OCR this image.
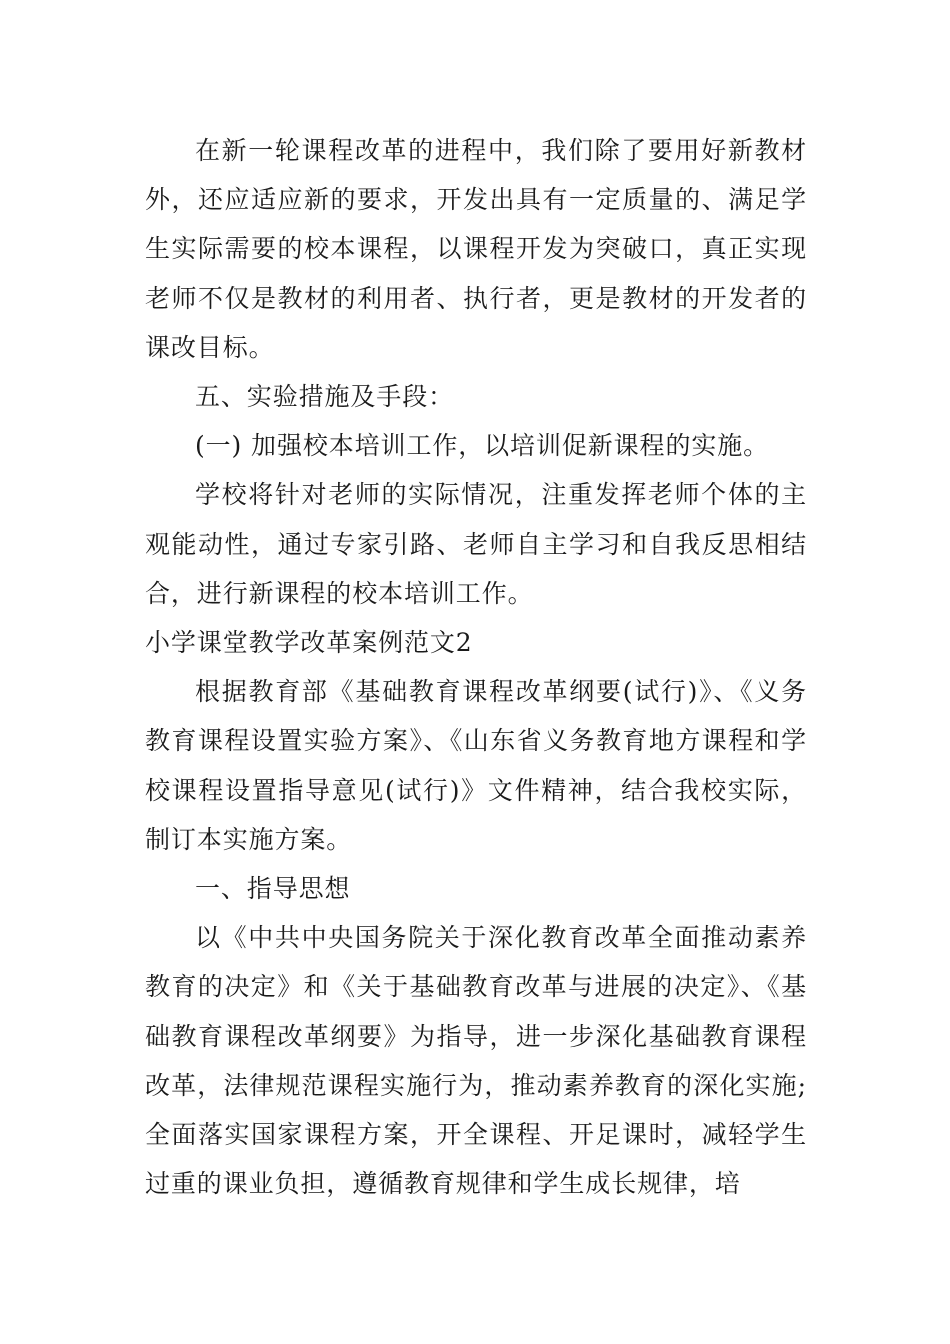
在新一轮课程改革的进程中，我们除了要用好新教材外，还应适应新的要求，开发出具有一定质量的、满足学生实际需要的校本课程，以课程开发为突破口，真正实现老师不仅是教材的利用者、执行者，更是教材的开发者的课改目标。

五、实验措施及手段：

(一) 加强校本培训工作，以培训促新课程的实施。

学校将针对老师的实际情况，注重发挥老师个体的主观能动性，通过专家引路、老师自主学习和自我反思相结合，进行新课程的校本培训工作。

小学课堂教学改革案例范文2

根据教育部《基础教育课程改革纲要(试行)》、《义务教育课程设置实验方案》、《山东省义务教育地方课程和学校课程设置指导意见(试行)》文件精神，结合我校实际，制订本实施方案。

一、指导思想

以《中共中央国务院关于深化教育改革全面推动素养教育的决定》和《关于基础教育改革与进展的决定》、《基础教育课程改革纲要》为指导，进一步深化基础教育课程改革，法律规范课程实施行为，推动素养教育的深化实施;全面落实国家课程方案，开全课程、开足课时，减轻学生过重的课业负担，遵循教育规律和学生成长规律，培
